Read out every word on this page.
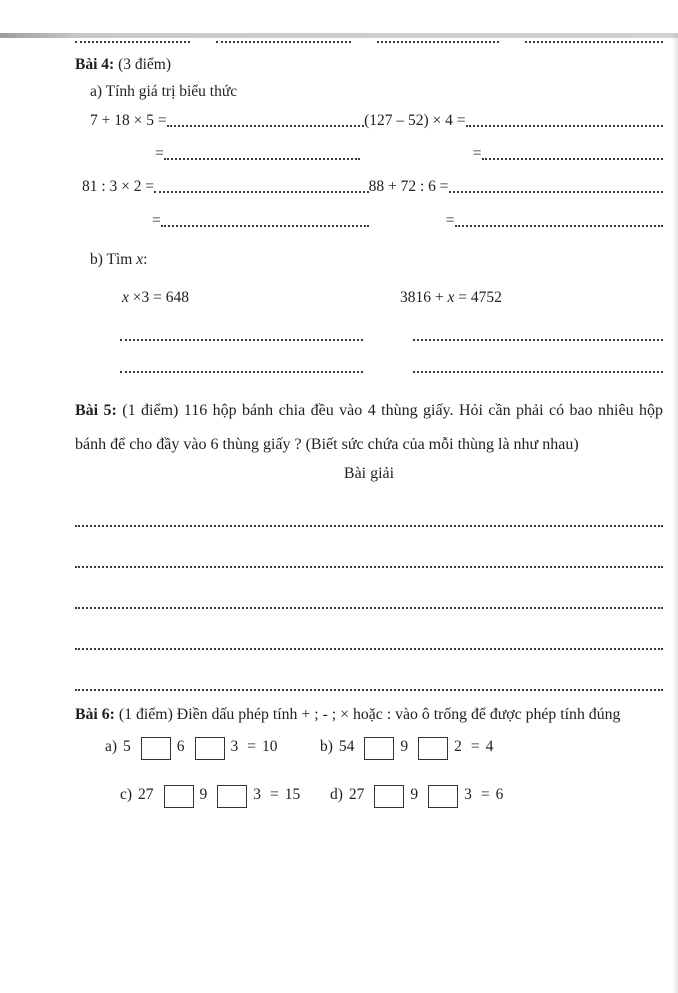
Bài 4: (3 điểm)
a) Tính giá trị biểu thức
7 + 18 × 5 =	(127 – 52) × 4 =
=	=
81 : 3 × 2 =	88 + 72 : 6 =
=	=
b) Tìm x:
x ×3 = 648	3816 + x = 4752
Bài 5: (1 điểm) 116 hộp bánh chia đều vào 4 thùng giấy. Hỏi cần phải có bao nhiêu hộp bánh để cho đầy vào 6 thùng giấy ? (Biết sức chứa của mỗi thùng là như nhau)
Bài giải
Bài 6: (1 điểm) Điền dấu phép tính + ; - ; × hoặc : vào ô trống để được phép tính đúng
a) 5	6	3 = 10	b) 54	9	2 = 4
c) 27	9	3 = 15 d) 27	9	3 = 6
